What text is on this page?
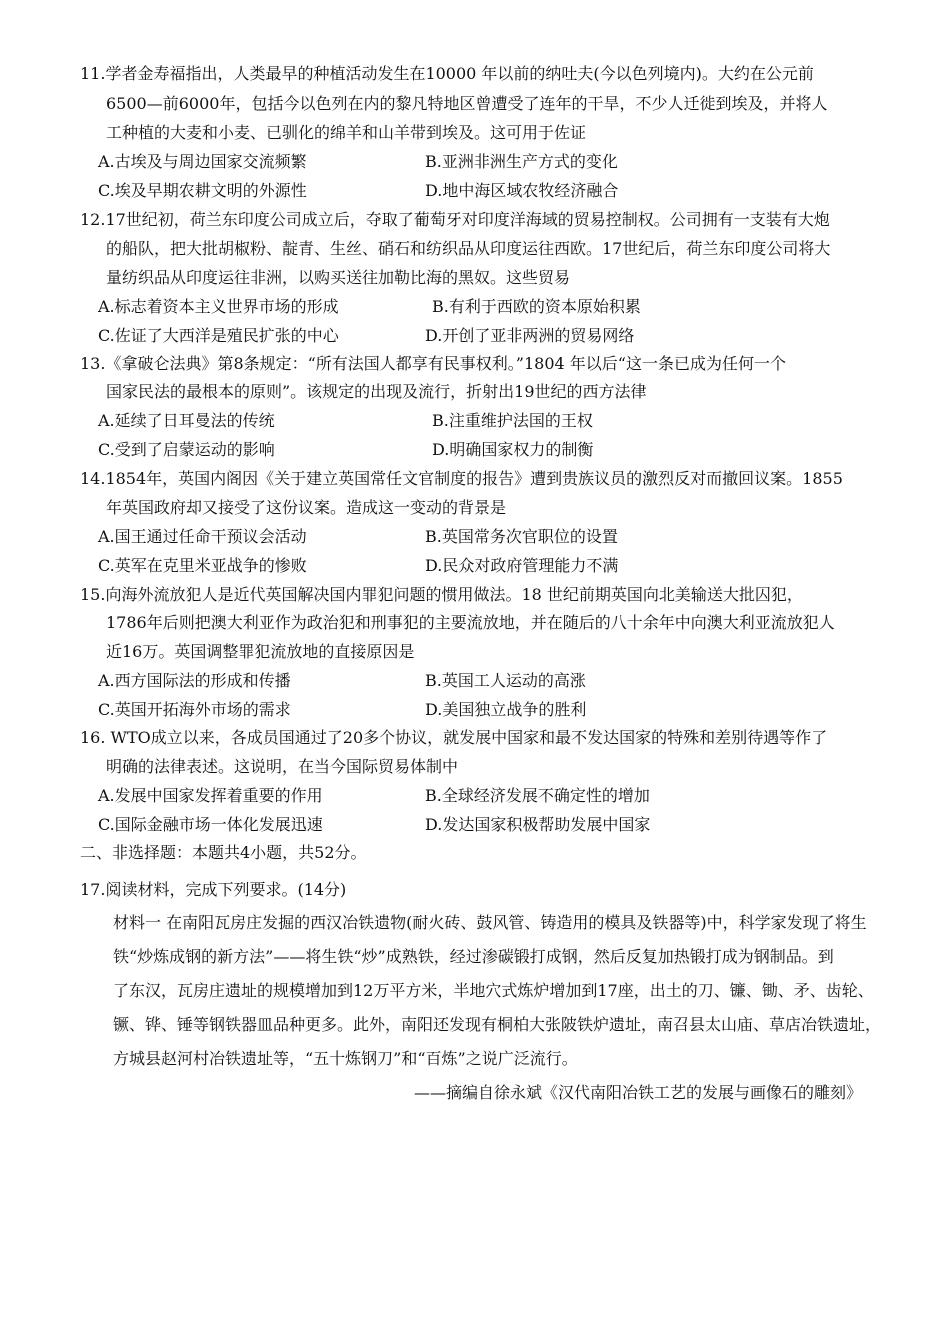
11.学者金寿福指出，人类最早的种植活动发生在10000 年以前的纳吐夫(今以色列境内)。大约在公元前
6500—前6000年，包括今以色列在内的黎凡特地区曾遭受了连年的干旱，不少人迁徙到埃及，并将人
工种植的大麦和小麦、已驯化的绵羊和山羊带到埃及。这可用于佐证
A.古埃及与周边国家交流频繁	B.亚洲非洲生产方式的变化
C.埃及早期农耕文明的外源性	D.地中海区域农牧经济融合
12.17世纪初，荷兰东印度公司成立后，夺取了葡萄牙对印度洋海域的贸易控制权。公司拥有一支装有大炮
的船队，把大批胡椒粉、靛青、生丝、硝石和纺织品从印度运往西欧。17世纪后，荷兰东印度公司将大
量纺织品从印度运往非洲，以购买送往加勒比海的黑奴。这些贸易
A.标志着资本主义世界市场的形成	B.有利于西欧的资本原始积累
C.佐证了大西洋是殖民扩张的中心	D.开创了亚非两洲的贸易网络
13.《拿破仑法典》第8条规定：“所有法国人都享有民事权利。”1804 年以后“这一条已成为任何一个
国家民法的最根本的原则”。该规定的出现及流行，折射出19世纪的西方法律
A.延续了日耳曼法的传统	B.注重维护法国的王权
C.受到了启蒙运动的影响	D.明确国家权力的制衡
14.1854年，英国内阁因《关于建立英国常任文官制度的报告》遭到贵族议员的激烈反对而撤回议案。1855
年英国政府却又接受了这份议案。造成这一变动的背景是
A.国王通过任命干预议会活动	B.英国常务次官职位的设置
C.英军在克里米亚战争的惨败	D.民众对政府管理能力不满
15.向海外流放犯人是近代英国解决国内罪犯问题的惯用做法。18 世纪前期英国向北美输送大批囚犯，
1786年后则把澳大利亚作为政治犯和刑事犯的主要流放地，并在随后的八十余年中向澳大利亚流放犯人
近16万。英国调整罪犯流放地的直接原因是
A.西方国际法的形成和传播	B.英国工人运动的高涨
C.英国开拓海外市场的需求	D.美国独立战争的胜利
16. WTO成立以来，各成员国通过了20多个协议，就发展中国家和最不发达国家的特殊和差别待遇等作了
明确的法律表述。这说明，在当今国际贸易体制中
A.发展中国家发挥着重要的作用	B.全球经济发展不确定性的增加
C.国际金融市场一体化发展迅速	D.发达国家积极帮助发展中国家
二、非选择题：本题共4小题，共52分。
17.阅读材料，完成下列要求。(14分)
材料一 在南阳瓦房庄发掘的西汉冶铁遗物(耐火砖、鼓风管、铸造用的模具及铁器等)中，科学家发现了将生
铁“炒炼成钢的新方法”——将生铁“炒”成熟铁，经过渗碳锻打成钢，然后反复加热锻打成为钢制品。到
了东汉，瓦房庄遗址的规模增加到12万平方米，半地穴式炼炉增加到17座，出土的刀、镰、锄、矛、齿轮、
镢、铧、锤等钢铁器皿品种更多。此外，南阳还发现有桐柏大张陂铁炉遗址，南召县太山庙、草店冶铁遗址，
方城县赵河村冶铁遗址等，“五十炼钢刀”和“百炼”之说广泛流行。
——摘编自徐永斌《汉代南阳冶铁工艺的发展与画像石的雕刻》
